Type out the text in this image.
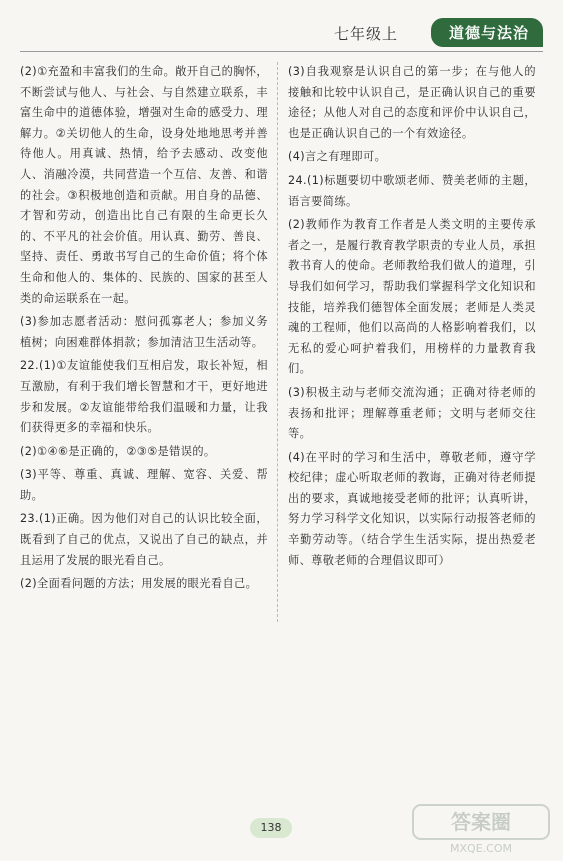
七年级上	道德与法治

(2)①充盈和丰富我们的生命。敞开自己的胸怀，不断尝试与他人、与社会、与自然建立联系，丰富生命中的道德体验，增强对生命的感受力、理解力。②关切他人的生命，设身处地地思考并善待他人。用真诚、热情，给予去感动、改变他人、消融冷漠，共同营造一个互信、友善、和谐的社会。③积极地创造和贡献。用自身的品德、才智和劳动，创造出比自己有限的生命更长久的、不平凡的社会价值。用认真、勤劳、善良、坚持、责任、勇敢书写自己的生命价值；将个体生命和他人的、集体的、民族的、国家的甚至人类的命运联系在一起。

(3)参加志愿者活动：慰问孤寡老人；参加义务植树；向困难群体捐款；参加清洁卫生活动等。

22.(1)①友谊能使我们互相启发，取长补短，相互激励，有利于我们增长智慧和才干，更好地进步和发展。②友谊能带给我们温暖和力量，让我们获得更多的幸福和快乐。

(2)①④⑥是正确的，②③⑤是错误的。

(3)平等、尊重、真诚、理解、宽容、关爱、帮助。

23.(1)正确。因为他们对自己的认识比较全面，既看到了自己的优点，又说出了自己的缺点，并且运用了发展的眼光看自己。

(2)全面看问题的方法；用发展的眼光看自己。

(3)自我观察是认识自己的第一步；在与他人的接触和比较中认识自己，是正确认识自己的重要途径；从他人对自己的态度和评价中认识自己，也是正确认识自己的一个有效途径。

(4)言之有理即可。

24.(1)标题要切中歌颂老师、赞美老师的主题，语言要简练。

(2)教师作为教育工作者是人类文明的主要传承者之一，是履行教育教学职责的专业人员，承担教书育人的使命。老师教给我们做人的道理，引导我们如何学习，帮助我们掌握科学文化知识和技能，培养我们德智体全面发展；老师是人类灵魂的工程师，他们以高尚的人格影响着我们，以无私的爱心呵护着我们，用榜样的力量教育我们。

(3)积极主动与老师交流沟通；正确对待老师的表扬和批评；理解尊重老师；文明与老师交往等。

(4)在平时的学习和生活中，尊敬老师，遵守学校纪律；虚心听取老师的教诲，正确对待老师提出的要求，真诚地接受老师的批评；认真听讲，努力学习科学文化知识，以实际行动报答老师的辛勤劳动等。（结合学生生活实际，提出热爱老师、尊敬老师的合理倡议即可）

138	答案圈
MXQE.COM
